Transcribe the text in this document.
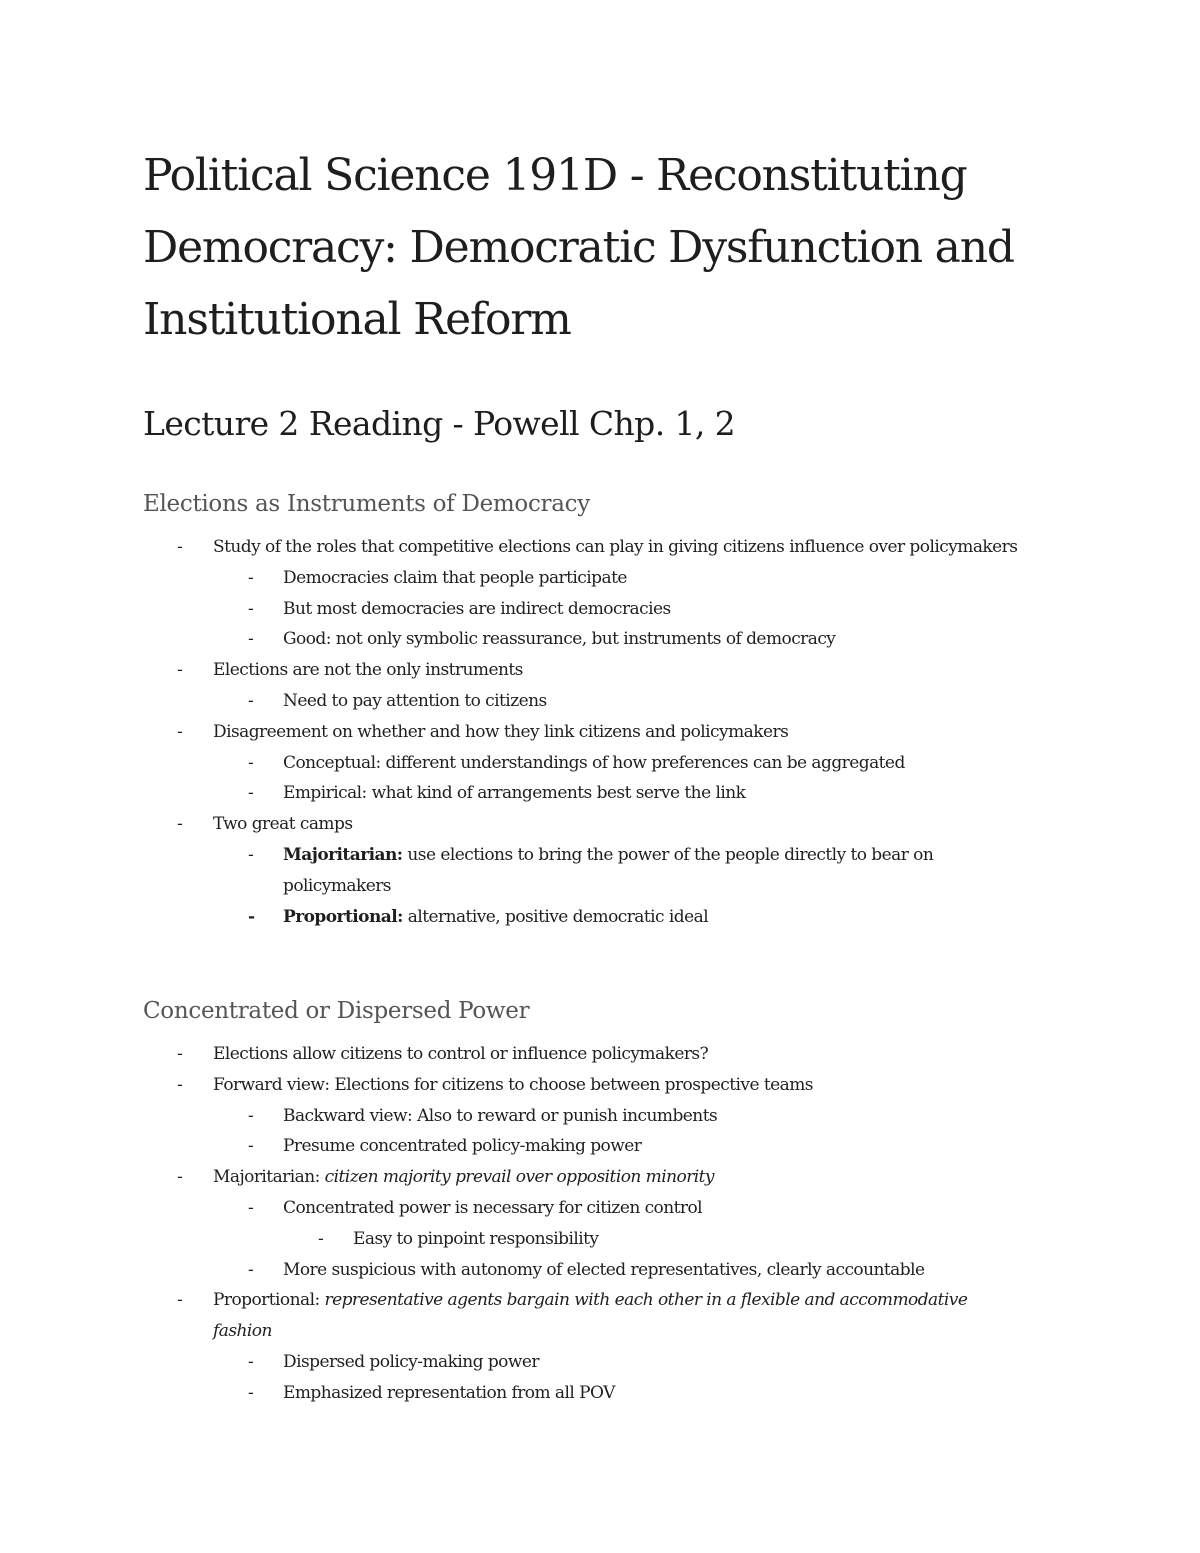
Political Science 191D - Reconstituting Democracy: Democratic Dysfunction and Institutional Reform
Lecture 2 Reading - Powell Chp. 1, 2
Elections as Instruments of Democracy
- Study of the roles that competitive elections can play in giving citizens influence over policymakers
- Democracies claim that people participate
- But most democracies are indirect democracies
- Good: not only symbolic reassurance, but instruments of democracy
- Elections are not the only instruments
- Need to pay attention to citizens
- Disagreement on whether and how they link citizens and policymakers
- Conceptual: different understandings of how preferences can be aggregated
- Empirical: what kind of arrangements best serve the link
- Two great camps
- Majoritarian: use elections to bring the power of the people directly to bear on policymakers
- Proportional: alternative, positive democratic ideal
Concentrated or Dispersed Power
- Elections allow citizens to control or influence policymakers?
- Forward view: Elections for citizens to choose between prospective teams
- Backward view: Also to reward or punish incumbents
- Presume concentrated policy-making power
- Majoritarian: citizen majority prevail over opposition minority
- Concentrated power is necessary for citizen control
- Easy to pinpoint responsibility
- More suspicious with autonomy of elected representatives, clearly accountable
- Proportional: representative agents bargain with each other in a flexible and accommodative fashion
- Dispersed policy-making power
- Emphasized representation from all POV
